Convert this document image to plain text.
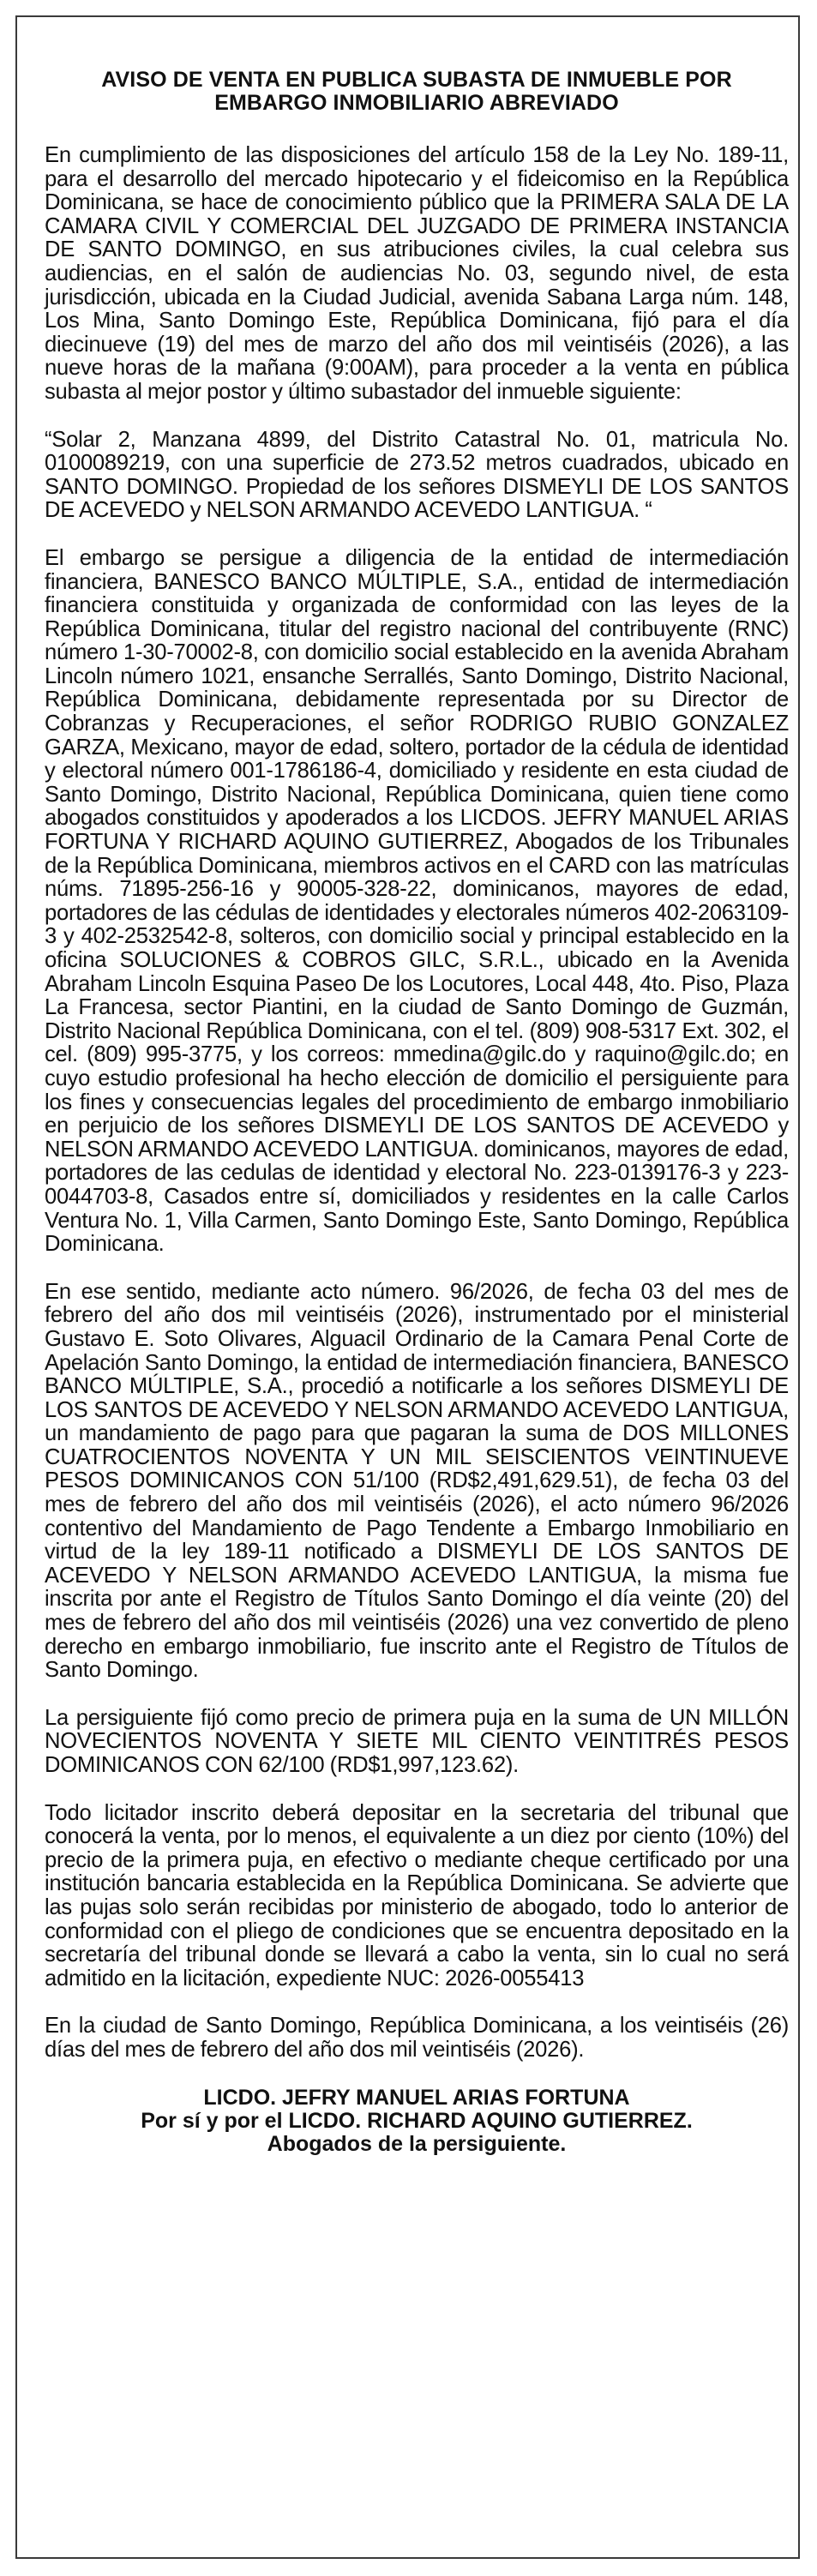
AVISO DE VENTA EN PUBLICA SUBASTA DE INMUEBLE POR
EMBARGO INMOBILIARIO ABREVIADO

En cumplimiento de las disposiciones del artículo 158 de la Ley No. 189-11, para el desarrollo del mercado hipotecario y el fideicomiso en la República Dominicana, se hace de conocimiento público que la PRIMERA SALA DE LA CAMARA CIVIL Y COMERCIAL DEL JUZGADO DE PRIMERA INSTANCIA DE SANTO DOMINGO, en sus atribuciones civiles, la cual celebra sus audiencias, en el salón de audiencias No. 03, segundo nivel, de esta jurisdicción, ubicada en la Ciudad Judicial, avenida Sabana Larga núm. 148, Los Mina, Santo Domingo Este, República Dominicana, fijó para el día diecinueve (19) del mes de marzo del año dos mil veintiséis (2026), a las nueve horas de la mañana (9:00AM), para proceder a la venta en pública subasta al mejor postor y último subastador del inmueble siguiente:

“Solar 2, Manzana 4899, del Distrito Catastral No. 01, matricula No. 0100089219, con una superficie de 273.52 metros cuadrados, ubicado en SANTO DOMINGO. Propiedad de los señores DISMEYLI DE LOS SANTOS DE ACEVEDO y NELSON ARMANDO ACEVEDO LANTIGUA. “

El embargo se persigue a diligencia de la entidad de intermediación financiera, BANESCO BANCO MÚLTIPLE, S.A., entidad de intermediación financiera constituida y organizada de conformidad con las leyes de la República Dominicana, titular del registro nacional del contribuyente (RNC) número 1-30-70002-8, con domicilio social establecido en la avenida Abraham Lincoln número 1021, ensanche Serrallés, Santo Domingo, Distrito Nacional, República Dominicana, debidamente representada por su Director de Cobranzas y Recuperaciones, el señor RODRIGO RUBIO GONZALEZ GARZA, Mexicano, mayor de edad, soltero, portador de la cédula de identidad y electoral número 001-1786186-4, domiciliado y residente en esta ciudad de Santo Domingo, Distrito Nacional, República Dominicana, quien tiene como abogados constituidos y apoderados a los LICDOS. JEFRY MANUEL ARIAS FORTUNA Y RICHARD AQUINO GUTIERREZ, Abogados de los Tribunales de la República Dominicana, miembros activos en el CARD con las matrículas núms. 71895-256-16 y 90005-328-22, dominicanos, mayores de edad, portadores de las cédulas de identidades y electorales números 402-2063109-3 y 402-2532542-8, solteros, con domicilio social y principal establecido en la oficina SOLUCIONES & COBROS GILC, S.R.L., ubicado en la Avenida Abraham Lincoln Esquina Paseo De los Locutores, Local 448, 4to. Piso, Plaza La Francesa, sector Piantini, en la ciudad de Santo Domingo de Guzmán, Distrito Nacional República Dominicana, con el tel. (809) 908-5317 Ext. 302, el cel. (809) 995-3775, y los correos: mmedina@gilc.do y raquino@gilc.do; en cuyo estudio profesional ha hecho elección de domicilio el persiguiente para los fines y consecuencias legales del procedimiento de embargo inmobiliario en perjuicio de los señores DISMEYLI DE LOS SANTOS DE ACEVEDO y NELSON ARMANDO ACEVEDO LANTIGUA. dominicanos, mayores de edad, portadores de las cedulas de identidad y electoral No. 223-0139176-3 y 223-0044703-8, Casados entre sí, domiciliados y residentes en la calle Carlos Ventura No. 1, Villa Carmen, Santo Domingo Este, Santo Domingo, República Dominicana.

En ese sentido, mediante acto número. 96/2026, de fecha 03 del mes de febrero del año dos mil veintiséis (2026), instrumentado por el ministerial Gustavo E. Soto Olivares, Alguacil Ordinario de la Camara Penal Corte de Apelación Santo Domingo, la entidad de intermediación financiera, BANESCO BANCO MÚLTIPLE, S.A., procedió a notificarle a los señores DISMEYLI DE LOS SANTOS DE ACEVEDO Y NELSON ARMANDO ACEVEDO LANTIGUA, un mandamiento de pago para que pagaran la suma de DOS MILLONES CUATROCIENTOS NOVENTA Y UN MIL SEISCIENTOS VEINTINUEVE PESOS DOMINICANOS CON 51/100 (RD$2,491,629.51), de fecha 03 del mes de febrero del año dos mil veintiséis (2026), el acto número 96/2026 contentivo del Mandamiento de Pago Tendente a Embargo Inmobiliario en virtud de la ley 189-11 notificado a DISMEYLI DE LOS SANTOS DE ACEVEDO Y NELSON ARMANDO ACEVEDO LANTIGUA, la misma fue inscrita por ante el Registro de Títulos Santo Domingo el día veinte (20) del mes de febrero del año dos mil veintiséis (2026) una vez convertido de pleno derecho en embargo inmobiliario, fue inscrito ante el Registro de Títulos de Santo Domingo.

La persiguiente fijó como precio de primera puja en la suma de UN MILLÓN NOVECIENTOS NOVENTA Y SIETE MIL CIENTO VEINTITRÉS PESOS DOMINICANOS CON 62/100 (RD$1,997,123.62).

Todo licitador inscrito deberá depositar en la secretaria del tribunal que conocerá la venta, por lo menos, el equivalente a un diez por ciento (10%) del precio de la primera puja, en efectivo o mediante cheque certificado por una institución bancaria establecida en la República Dominicana. Se advierte que las pujas solo serán recibidas por ministerio de abogado, todo lo anterior de conformidad con el pliego de condiciones que se encuentra depositado en la secretaría del tribunal donde se llevará a cabo la venta, sin lo cual no será admitido en la licitación, expediente NUC: 2026-0055413

En la ciudad de Santo Domingo, República Dominicana, a los veintiséis (26) días del mes de febrero del año dos mil veintiséis (2026).

LICDO. JEFRY MANUEL ARIAS FORTUNA
Por sí y por el LICDO. RICHARD AQUINO GUTIERREZ.
Abogados de la persiguiente.
